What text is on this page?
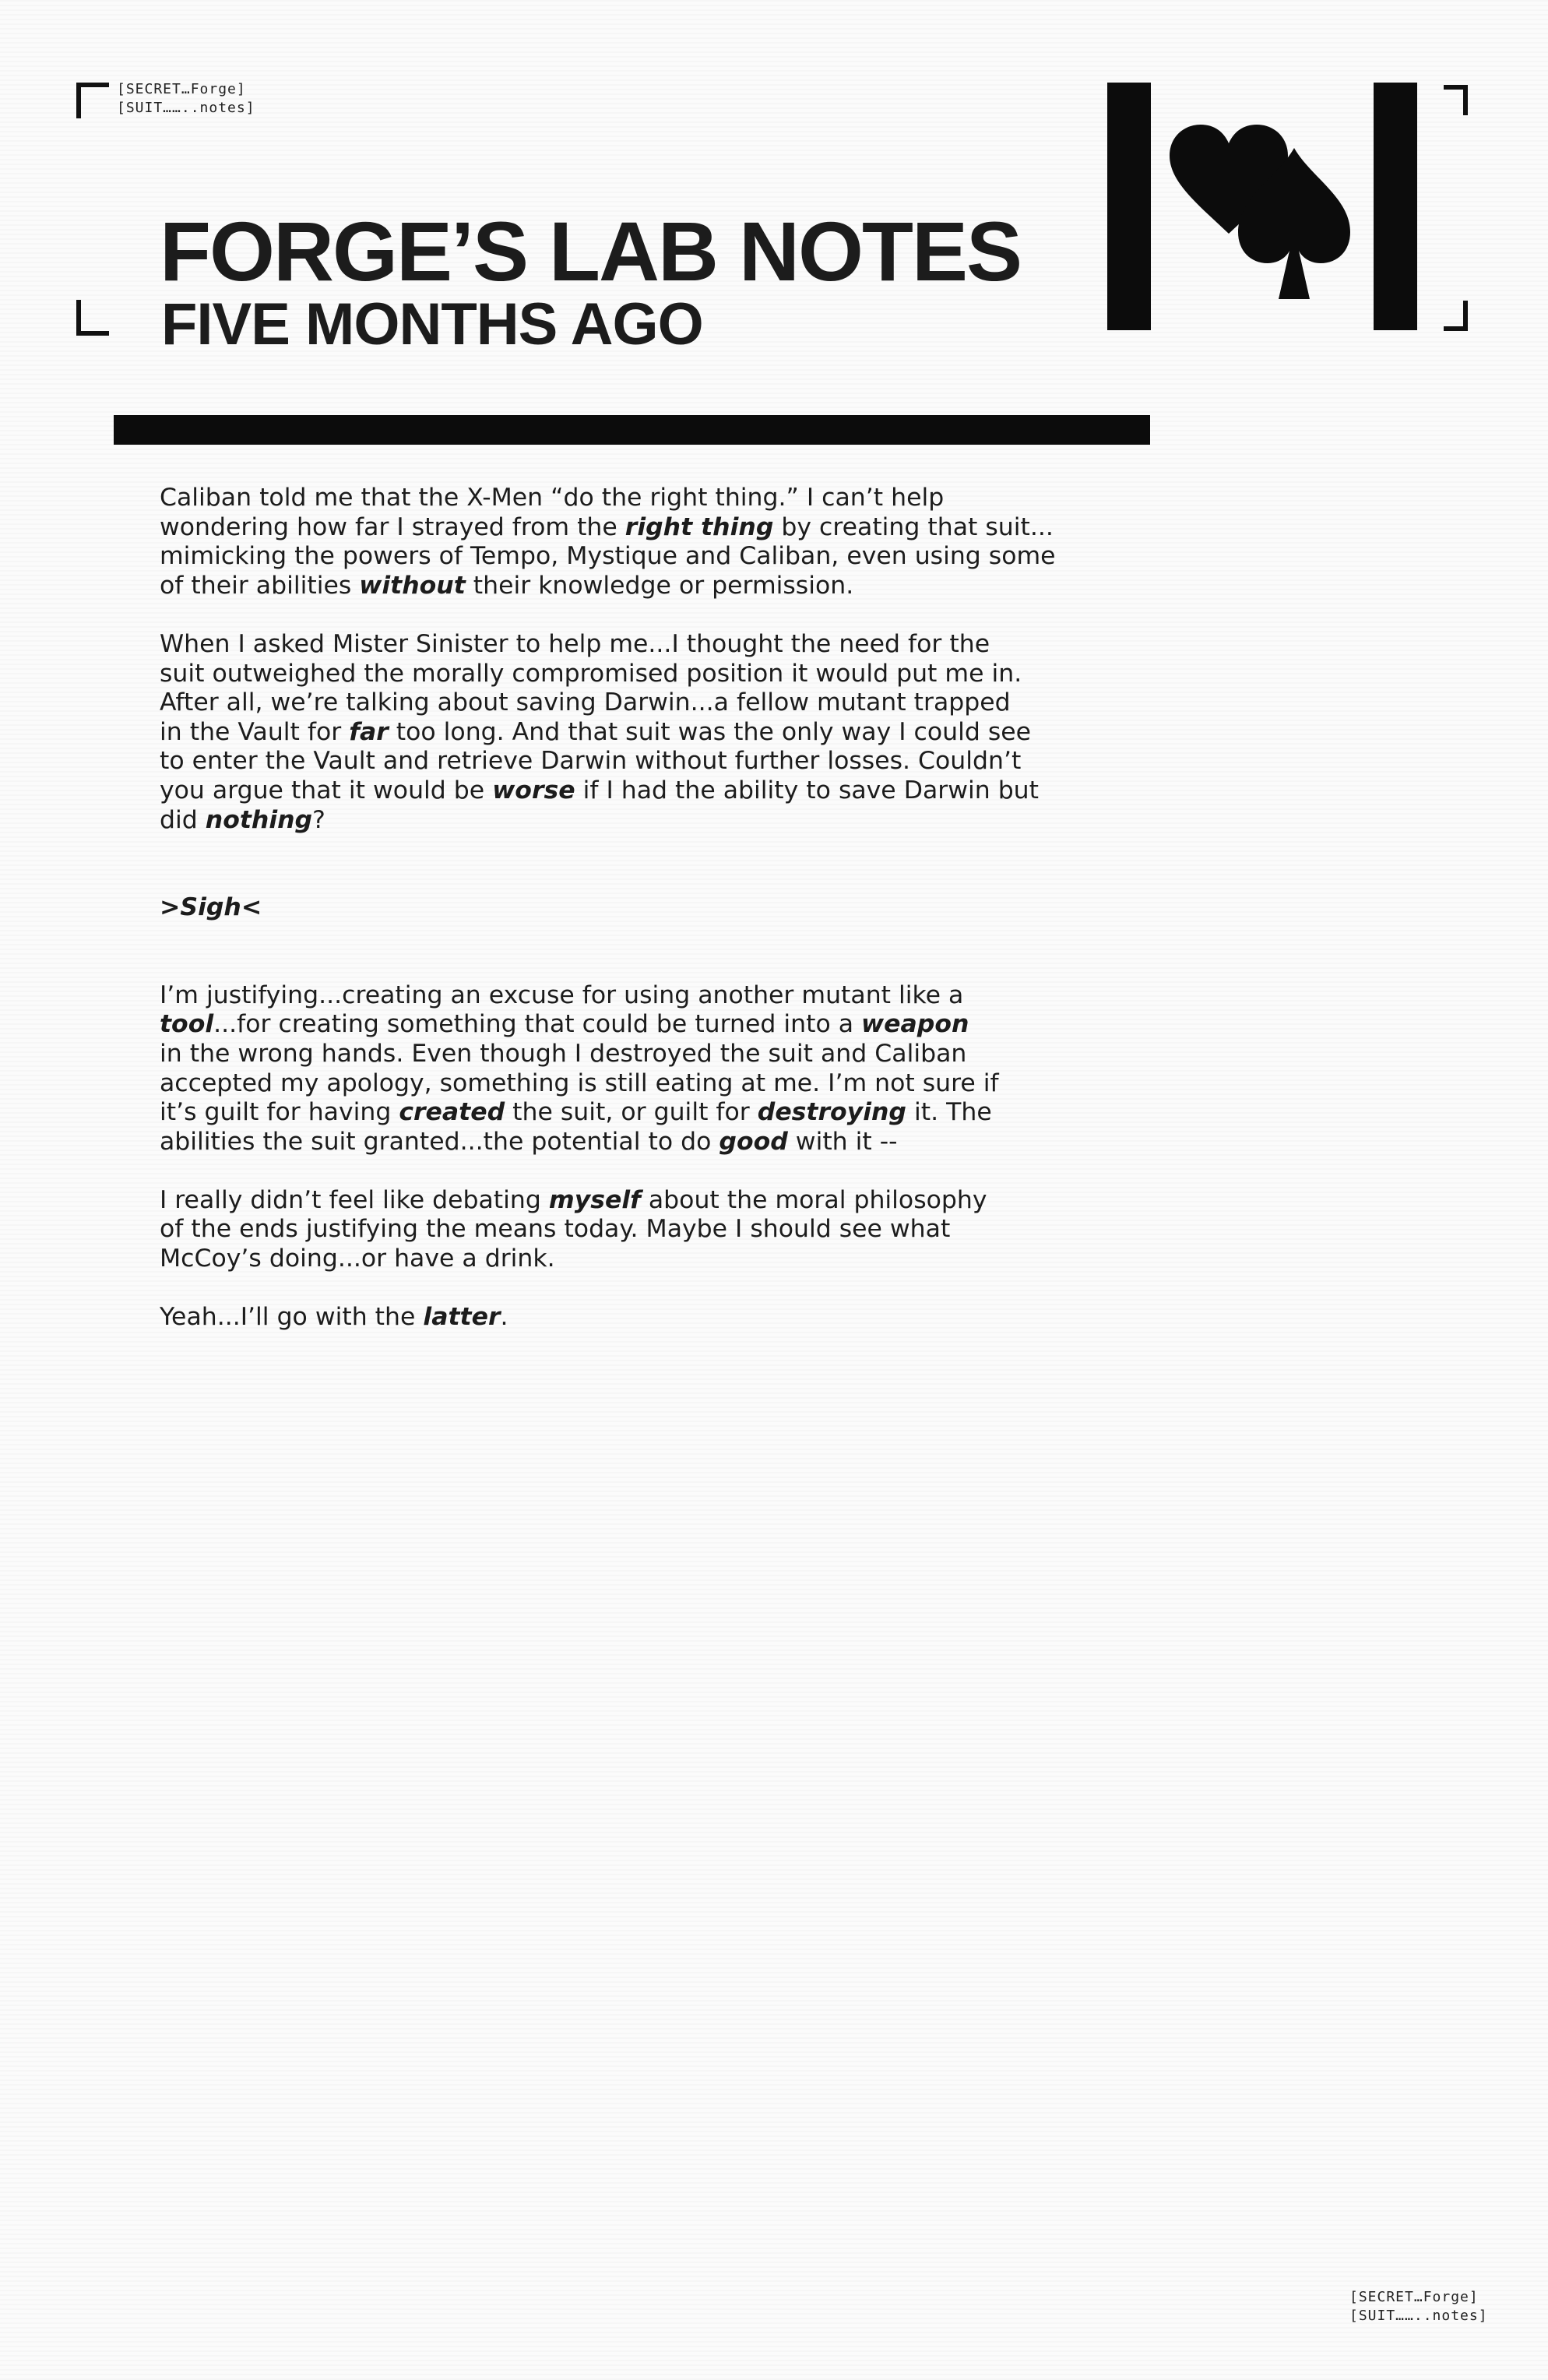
[SECRET…Forge]
[SUIT……..notes]
FORGE’S LAB NOTES
FIVE MONTHS AGO

Caliban told me that the X-Men “do the right thing.” I can’t help
wondering how far I strayed from the right thing by creating that suit...
mimicking the powers of Tempo, Mystique and Caliban, even using some
of their abilities without their knowledge or permission.

When I asked Mister Sinister to help me...I thought the need for the
suit outweighed the morally compromised position it would put me in.
After all, we’re talking about saving Darwin...a fellow mutant trapped
in the Vault for far too long. And that suit was the only way I could see
to enter the Vault and retrieve Darwin without further losses. Couldn’t
you argue that it would be worse if I had the ability to save Darwin but
did nothing?

>Sigh<

I’m justifying...creating an excuse for using another mutant like a
tool...for creating something that could be turned into a weapon
in the wrong hands. Even though I destroyed the suit and Caliban
accepted my apology, something is still eating at me. I’m not sure if
it’s guilt for having created the suit, or guilt for destroying it. The
abilities the suit granted...the potential to do good with it --

I really didn’t feel like debating myself about the moral philosophy
of the ends justifying the means today. Maybe I should see what
McCoy’s doing...or have a drink.

Yeah...I’ll go with the latter.

[SECRET…Forge]
[SUIT……..notes]
